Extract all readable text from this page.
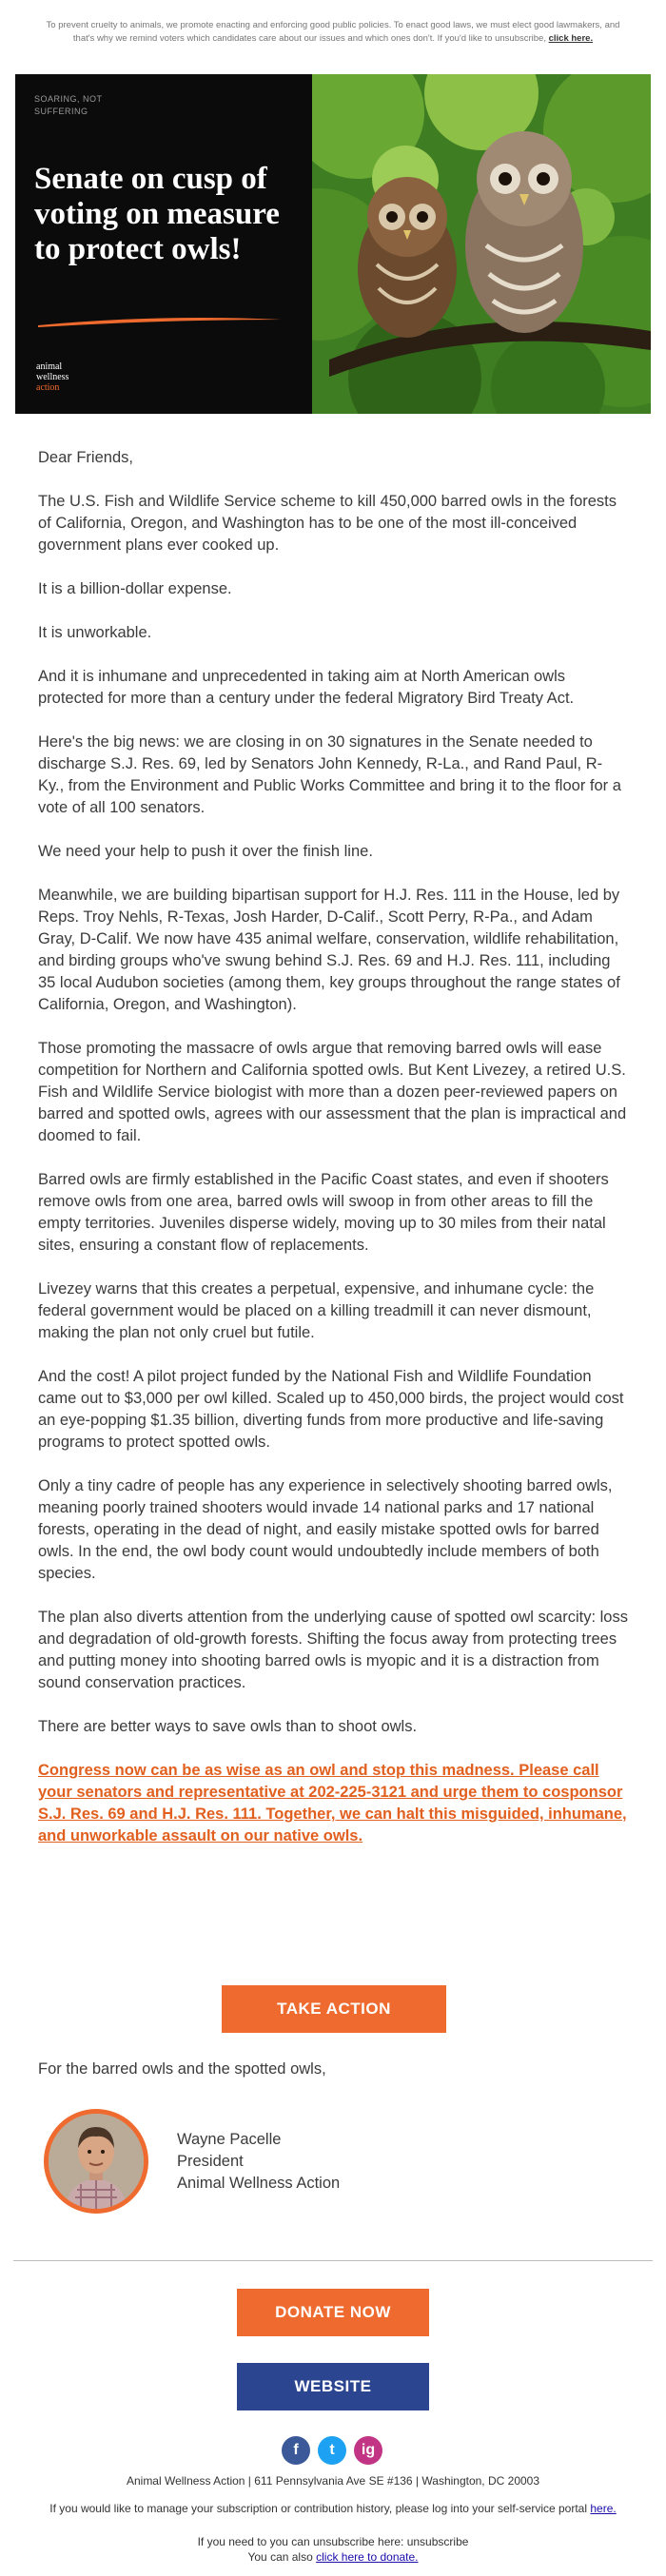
To prevent cruelty to animals, we promote enacting and enforcing good public policies. To enact good laws, we must elect good lawmakers, and that's why we remind voters which candidates care about our issues and which ones don't. If you'd like to unsubscribe, click here.
SOARING, NOT
SUFFERING
Senate on cusp of voting on measure to protect owls!
animal
wellness
action

Dear Friends,

The U.S. Fish and Wildlife Service scheme to kill 450,000 barred owls in the forests of California, Oregon, and Washington has to be one of the most ill-conceived government plans ever cooked up.

It is a billion-dollar expense.

It is unworkable.

And it is inhumane and unprecedented in taking aim at North American owls protected for more than a century under the federal Migratory Bird Treaty Act.

Here's the big news: we are closing in on 30 signatures in the Senate needed to discharge S.J. Res. 69, led by Senators John Kennedy, R-La., and Rand Paul, R-Ky., from the Environment and Public Works Committee and bring it to the floor for a vote of all 100 senators.

We need your help to push it over the finish line.

Meanwhile, we are building bipartisan support for H.J. Res. 111 in the House, led by Reps. Troy Nehls, R-Texas, Josh Harder, D-Calif., Scott Perry, R-Pa., and Adam Gray, D-Calif. We now have 435 animal welfare, conservation, wildlife rehabilitation, and birding groups who've swung behind S.J. Res. 69 and H.J. Res. 111, including 35 local Audubon societies (among them, key groups throughout the range states of California, Oregon, and Washington).

Those promoting the massacre of owls argue that removing barred owls will ease competition for Northern and California spotted owls. But Kent Livezey, a retired U.S. Fish and Wildlife Service biologist with more than a dozen peer-reviewed papers on barred and spotted owls, agrees with our assessment that the plan is impractical and doomed to fail.

Barred owls are firmly established in the Pacific Coast states, and even if shooters remove owls from one area, barred owls will swoop in from other areas to fill the empty territories. Juveniles disperse widely, moving up to 30 miles from their natal sites, ensuring a constant flow of replacements.

Livezey warns that this creates a perpetual, expensive, and inhumane cycle: the federal government would be placed on a killing treadmill it can never dismount, making the plan not only cruel but futile.

And the cost! A pilot project funded by the National Fish and Wildlife Foundation came out to $3,000 per owl killed. Scaled up to 450,000 birds, the project would cost an eye-popping $1.35 billion, diverting funds from more productive and life-saving programs to protect spotted owls.

Only a tiny cadre of people has any experience in selectively shooting barred owls, meaning poorly trained shooters would invade 14 national parks and 17 national forests, operating in the dead of night, and easily mistake spotted owls for barred owls. In the end, the owl body count would undoubtedly include members of both species.

The plan also diverts attention from the underlying cause of spotted owl scarcity: loss and degradation of old-growth forests. Shifting the focus away from protecting trees and putting money into shooting barred owls is myopic and it is a distraction from sound conservation practices.

There are better ways to save owls than to shoot owls.

Congress now can be as wise as an owl and stop this madness. Please call your senators and representative at 202-225-3121 and urge them to cosponsor S.J. Res. 69 and H.J. Res. 111. Together, we can halt this misguided, inhumane, and unworkable assault on our native owls.

TAKE ACTION
For the barred owls and the spotted owls,
Wayne Pacelle
President
Animal Wellness Action
DONATE NOW
WEBSITE
f	t	ig
Animal Wellness Action | 611 Pennsylvania Ave SE #136 | Washington, DC 20003
If you would like to manage your subscription or contribution history, please log into your self-service portal here.
If you need to you can unsubscribe here: unsubscribe
You can also click here to donate.
